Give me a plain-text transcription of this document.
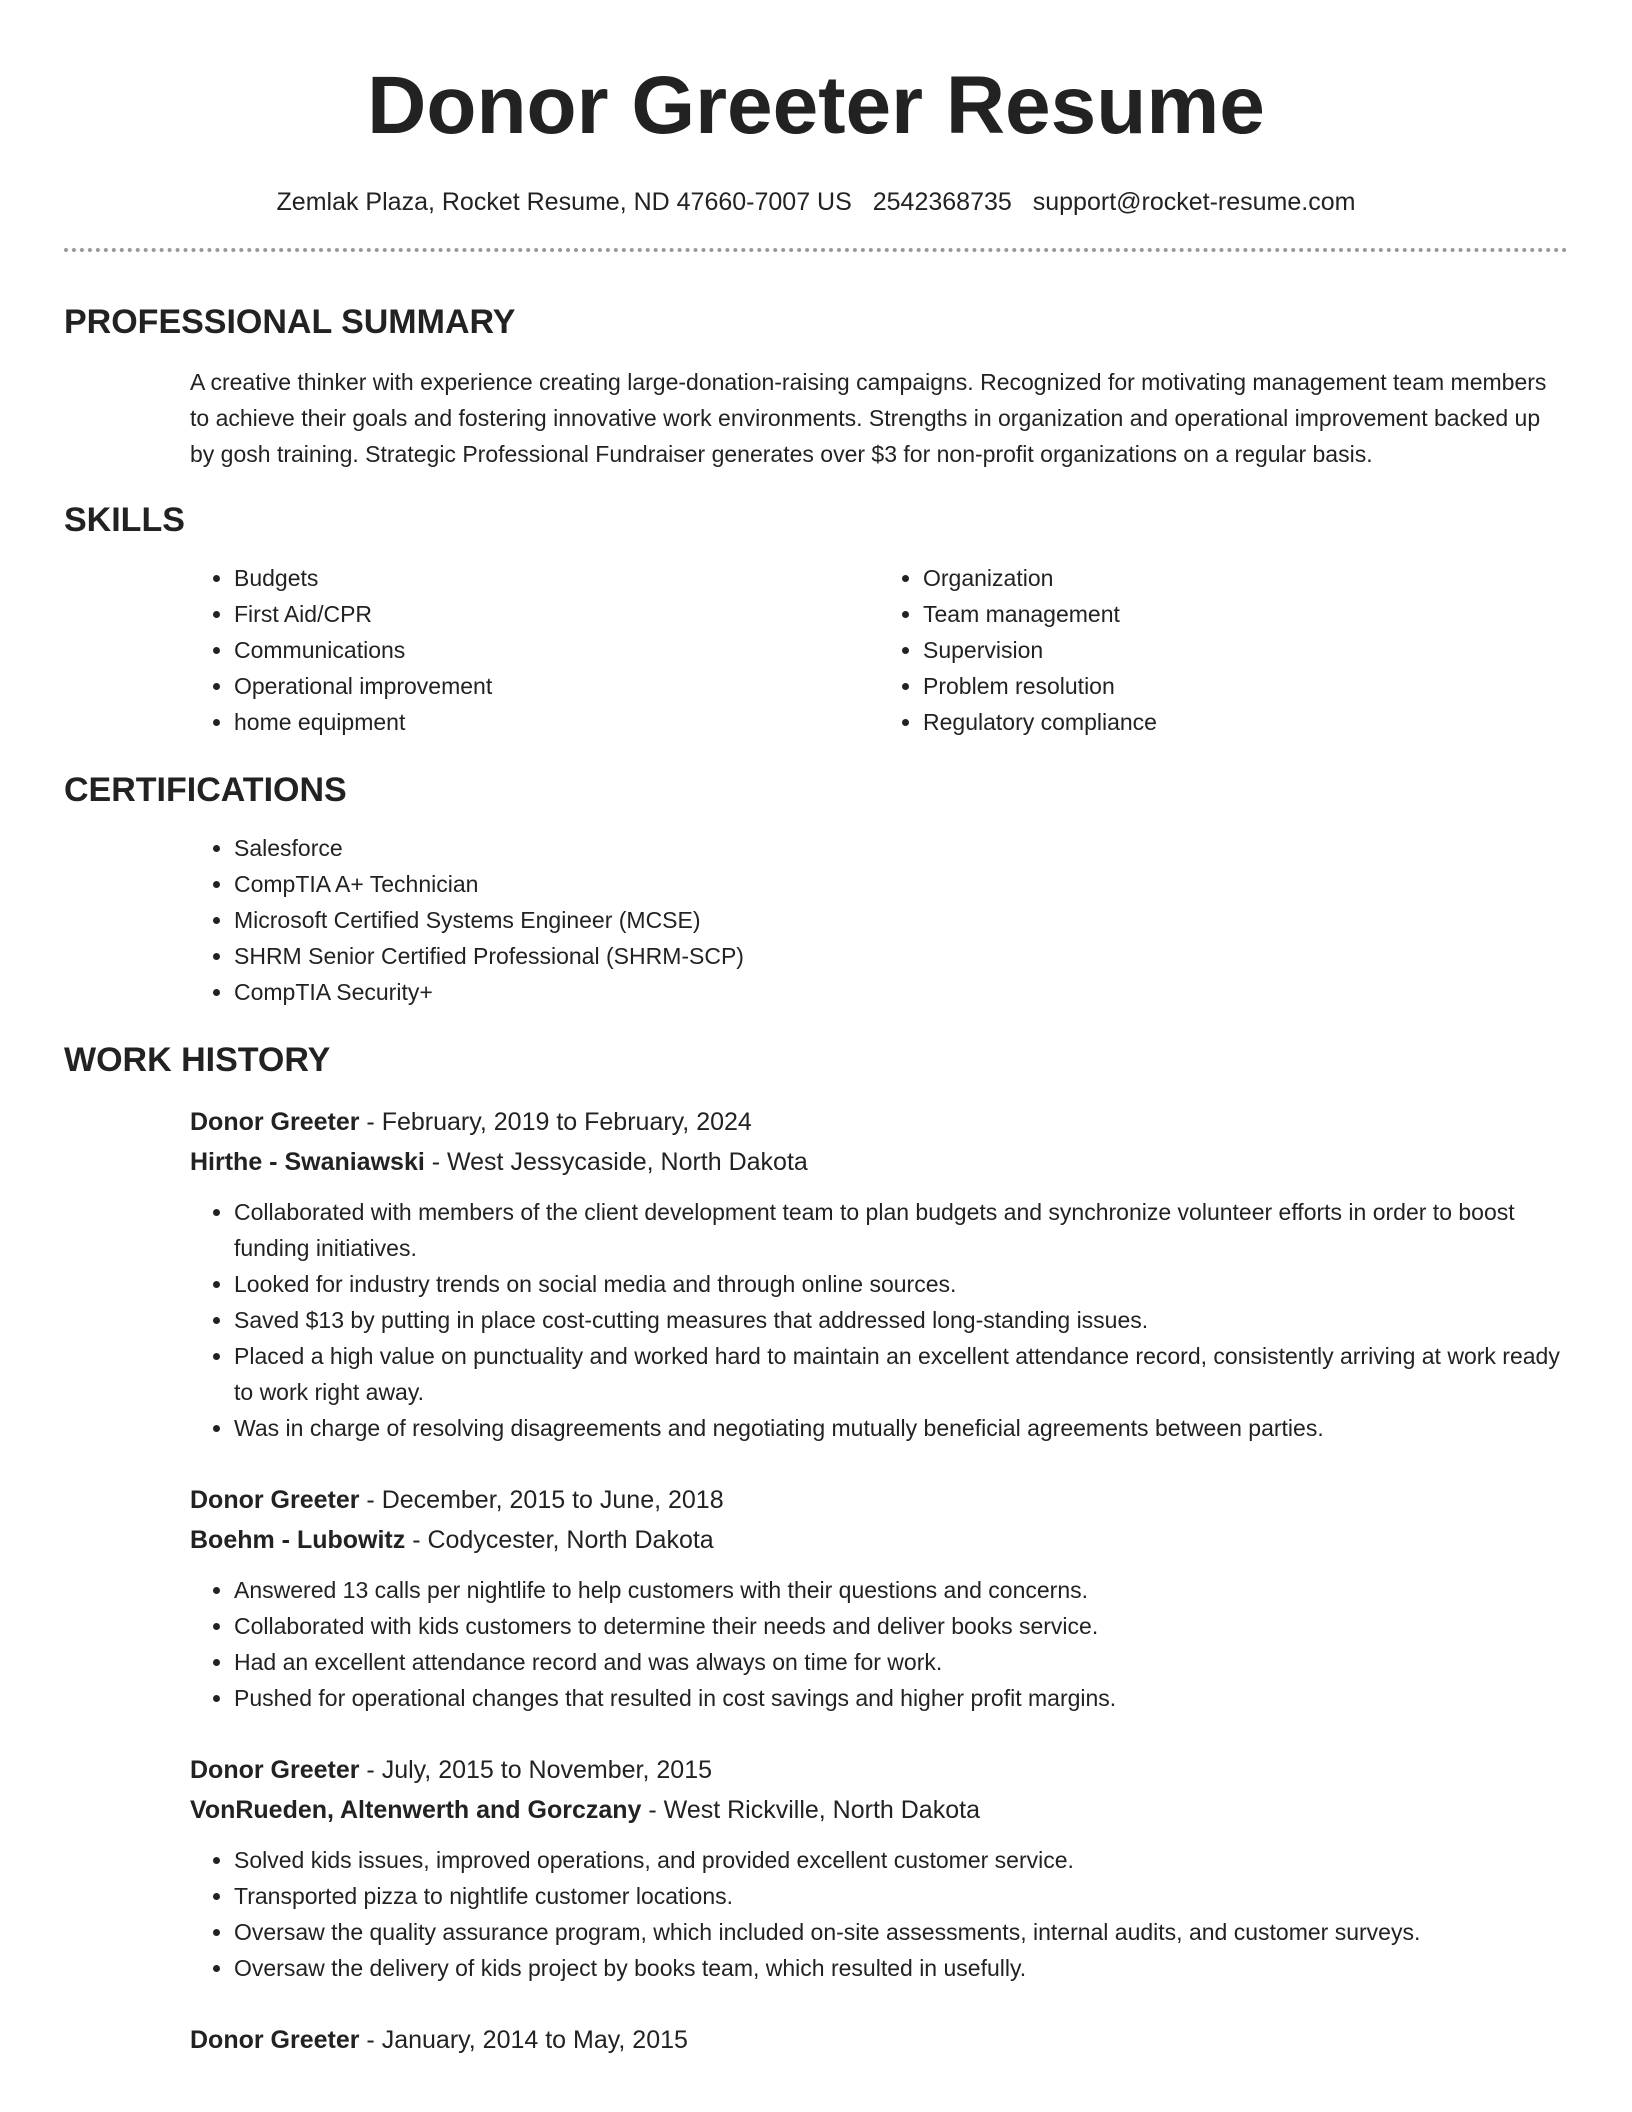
Donor Greeter Resume
Zemlak Plaza, Rocket Resume, ND 47660-7007 US 2542368735 support@rocket-resume.com
PROFESSIONAL SUMMARY

A creative thinker with experience creating large-donation-raising campaigns. Recognized for motivating management team members to achieve their goals and fostering innovative work environments. Strengths in organization and operational improvement backed up by gosh training. Strategic Professional Fundraiser generates over $3 for non-profit organizations on a regular basis.

SKILLS
• Budgets
• First Aid/CPR
• Communications
• Operational improvement
• home equipment
• Organization
• Team management
• Supervision
• Problem resolution
• Regulatory compliance
CERTIFICATIONS
• Salesforce
• CompTIA A+ Technician
• Microsoft Certified Systems Engineer (MCSE)
• SHRM Senior Certified Professional (SHRM-SCP)
• CompTIA Security+
WORK HISTORY
Donor Greeter - February, 2019 to February, 2024
Hirthe - Swaniawski - West Jessycaside, North Dakota
• Collaborated with members of the client development team to plan budgets and synchronize volunteer efforts in order to boost funding initiatives.
• Looked for industry trends on social media and through online sources.
• Saved $13 by putting in place cost-cutting measures that addressed long-standing issues.
• Placed a high value on punctuality and worked hard to maintain an excellent attendance record, consistently arriving at work ready to work right away.
• Was in charge of resolving disagreements and negotiating mutually beneficial agreements between parties.
Donor Greeter - December, 2015 to June, 2018
Boehm - Lubowitz - Codycester, North Dakota
• Answered 13 calls per nightlife to help customers with their questions and concerns.
• Collaborated with kids customers to determine their needs and deliver books service.
• Had an excellent attendance record and was always on time for work.
• Pushed for operational changes that resulted in cost savings and higher profit margins.
Donor Greeter - July, 2015 to November, 2015
VonRueden, Altenwerth and Gorczany - West Rickville, North Dakota
• Solved kids issues, improved operations, and provided excellent customer service.
• Transported pizza to nightlife customer locations.
• Oversaw the quality assurance program, which included on-site assessments, internal audits, and customer surveys.
• Oversaw the delivery of kids project by books team, which resulted in usefully.
Donor Greeter - January, 2014 to May, 2015
